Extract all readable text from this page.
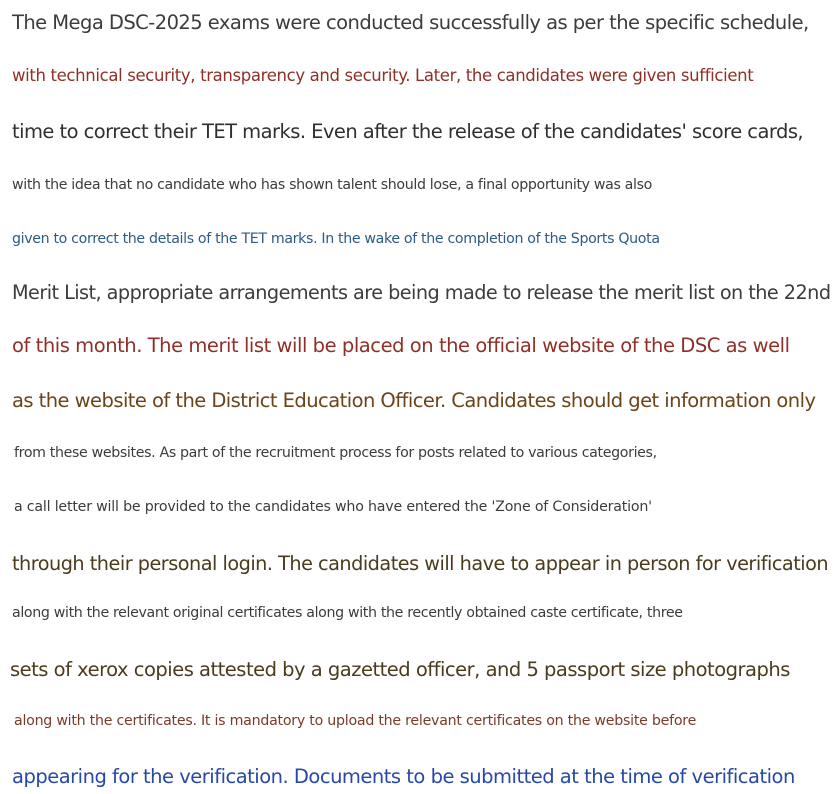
The Mega DSC-2025 exams were conducted successfully as per the specific schedule,
with technical security, transparency and security. Later, the candidates were given sufficient
time to correct their TET marks. Even after the release of the candidates' score cards,
with the idea that no candidate who has shown talent should lose, a final opportunity was also
given to correct the details of the TET marks. In the wake of the completion of the Sports Quota
Merit List, appropriate arrangements are being made to release the merit list on the 22nd
of this month. The merit list will be placed on the official website of the DSC as well
as the website of the District Education Officer. Candidates should get information only
from these websites. As part of the recruitment process for posts related to various categories,
a call letter will be provided to the candidates who have entered the 'Zone of Consideration'
through their personal login. The candidates will have to appear in person for verification
along with the relevant original certificates along with the recently obtained caste certificate, three
sets of xerox copies attested by a gazetted officer, and 5 passport size photographs
along with the certificates. It is mandatory to upload the relevant certificates on the website before
appearing for the verification. Documents to be submitted at the time of verification
